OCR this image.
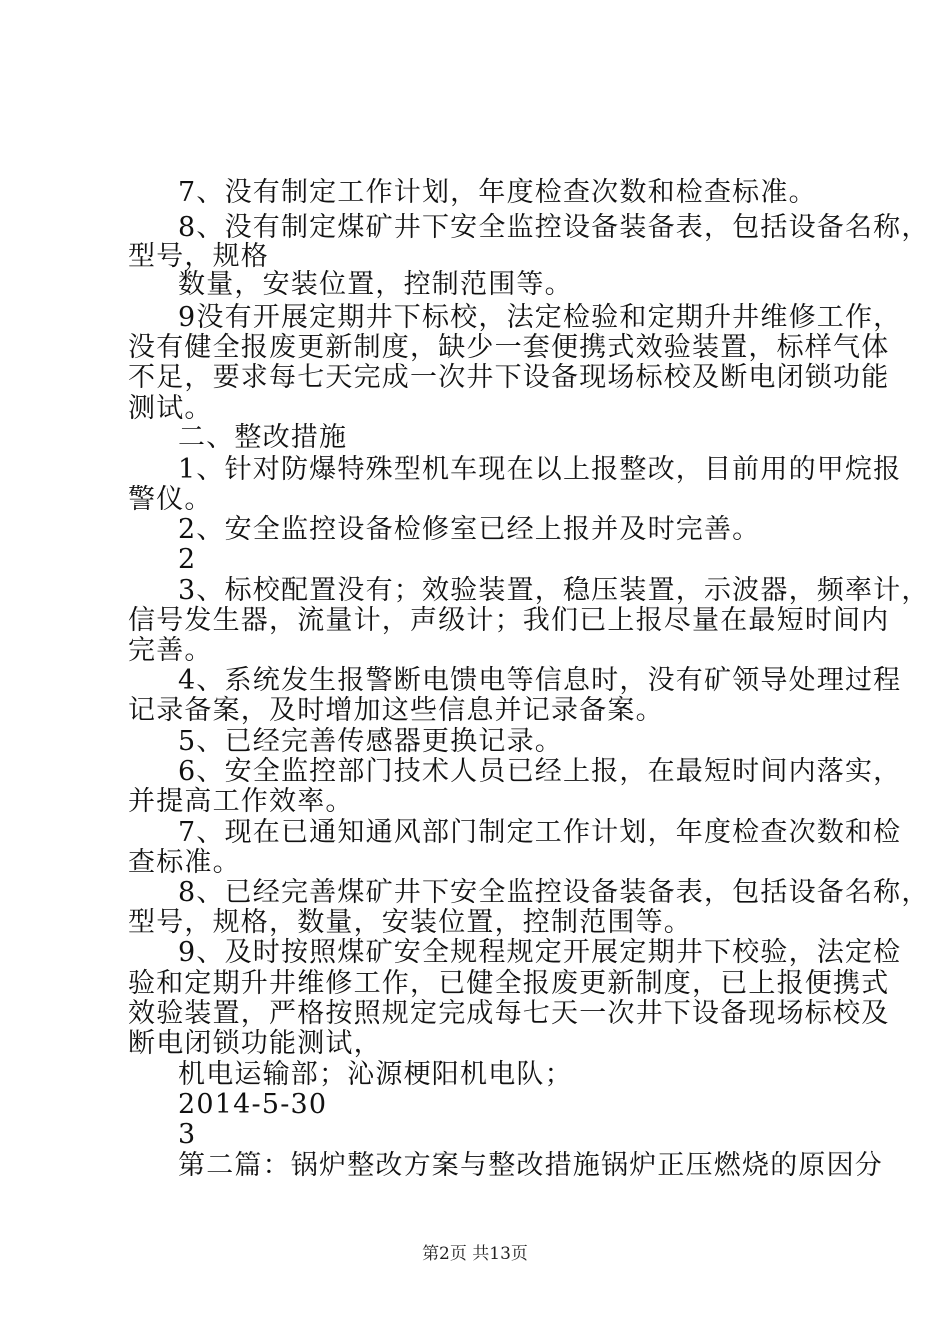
7、没有制定工作计划，年度检查次数和检查标准。
8、没有制定煤矿井下安全监控设备装备表，包括设备名称，
型号，规格
数量，安装位置，控制范围等。
9没有开展定期井下标校，法定检验和定期升井维修工作，
没有健全报废更新制度，缺少一套便携式效验装置，标样气体
不足，要求每七天完成一次井下设备现场标校及断电闭锁功能
测试。
二、整改措施
1、针对防爆特殊型机车现在以上报整改，目前用的甲烷报
警仪。
2、安全监控设备检修室已经上报并及时完善。
2
3、标校配置没有；效验装置，稳压装置，示波器，频率计，
信号发生器，流量计，声级计；我们已上报尽量在最短时间内
完善。
4、系统发生报警断电馈电等信息时，没有矿领导处理过程
记录备案，及时增加这些信息并记录备案。
5、已经完善传感器更换记录。
6、安全监控部门技术人员已经上报，在最短时间内落实，
并提高工作效率。
7、现在已通知通风部门制定工作计划，年度检查次数和检
查标准。
8、已经完善煤矿井下安全监控设备装备表，包括设备名称，
型号，规格，数量，安装位置，控制范围等。
9、及时按照煤矿安全规程规定开展定期井下校验，法定检
验和定期升井维修工作，已健全报废更新制度，已上报便携式
效验装置，严格按照规定完成每七天一次井下设备现场标校及
断电闭锁功能测试，
机电运输部；沁源梗阳机电队；
2014-5-30
3
第二篇：锅炉整改方案与整改措施锅炉正压燃烧的原因分
第2页 共13页
